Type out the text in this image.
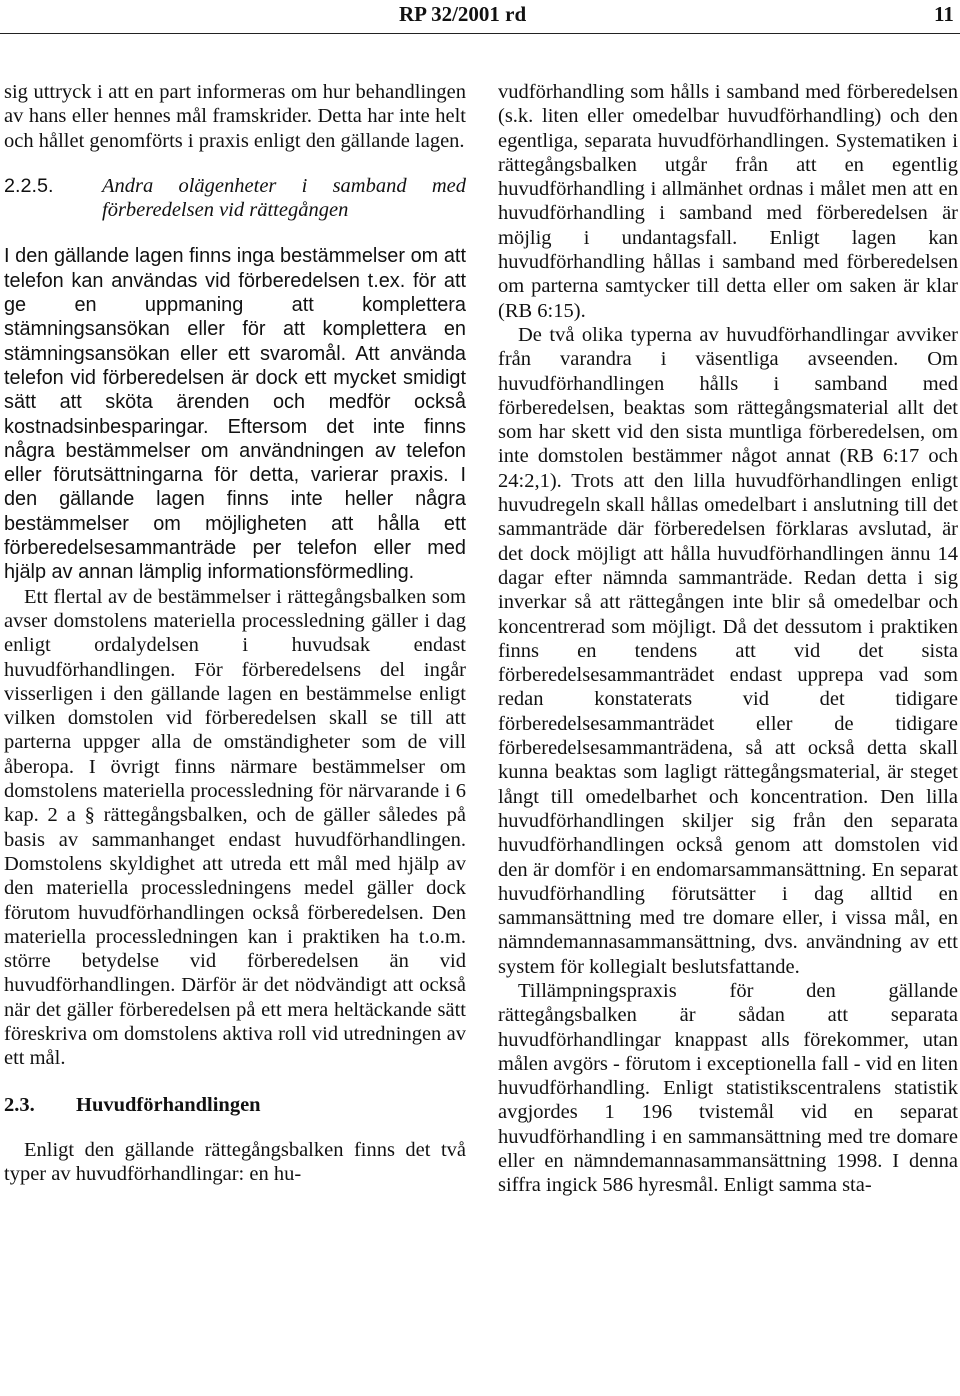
RP 32/2001 rd	11

sig uttryck i att en part informeras om hur behandlingen av hans eller hennes mål framskrider. Detta har inte helt och hållet genomförts i praxis enligt den gällande lagen.

2.2.5.	Andra olägenheter i samband med förberedelsen vid rättegången

I den gällande lagen finns inga bestämmelser om att telefon kan användas vid förberedelsen t.ex. för att ge en uppmaning att komplettera stämningsansökan eller för att komplettera en stämningsansökan eller ett svaromål. Att använda telefon vid förberedelsen är dock ett mycket smidigt sätt att sköta ärenden och medför också kostnadsinbesparingar. Eftersom det inte finns några bestämmelser om användningen av telefon eller förutsättningarna för detta, varierar praxis. I den gällande lagen finns inte heller några bestämmelser om möjligheten att hålla ett förberedelsesammanträde per telefon eller med hjälp av annan lämplig informationsförmedling.

Ett flertal av de bestämmelser i rättegångsbalken som avser domstolens materiella processledning gäller i dag enligt ordalydelsen i huvudsak endast huvudförhandlingen. För förberedelsens del ingår visserligen i den gällande lagen en bestämmelse enligt vilken domstolen vid förberedelsen skall se till att parterna uppger alla de omständigheter som de vill åberopa. I övrigt finns närmare bestämmelser om domstolens materiella processledning för närvarande i 6 kap. 2 a § rättegångsbalken, och de gäller således på basis av sammanhanget endast huvudförhandlingen. Domstolens skyldighet att utreda ett mål med hjälp av den materiella processledningens medel gäller dock förutom huvudförhandlingen också förberedelsen. Den materiella processledningen kan i praktiken ha t.o.m. större betydelse vid förberedelsen än vid huvudförhandlingen. Därför är det nödvändigt att också när det gäller förberedelsen på ett mera heltäckande sätt föreskriva om domstolens aktiva roll vid utredningen av ett mål.

2.3.	Huvudförhandlingen

Enligt den gällande rättegångsbalken finns det två typer av huvudförhandlingar: en hu-

vudförhandling som hålls i samband med förberedelsen (s.k. liten eller omedelbar huvudförhandling) och den egentliga, separata huvudförhandlingen. Systematiken i rättegångsbalken utgår från att en egentlig huvudförhandling i allmänhet ordnas i målet men att en huvudförhandling i samband med förberedelsen är möjlig i undantagsfall. Enligt lagen kan huvudförhandling hållas i samband med förberedelsen om parterna samtycker till detta eller om saken är klar (RB 6:15).

De två olika typerna av huvudförhandlingar avviker från varandra i väsentliga avseenden. Om huvudförhandlingen hålls i samband med förberedelsen, beaktas som rättegångsmaterial allt det som har skett vid den sista muntliga förberedelsen, om inte domstolen bestämmer något annat (RB 6:17 och 24:2,1). Trots att den lilla huvudförhandlingen enligt huvudregeln skall hållas omedelbart i anslutning till det sammanträde där förberedelsen förklaras avslutad, är det dock möjligt att hålla huvudförhandlingen ännu 14 dagar efter nämnda sammanträde. Redan detta i sig inverkar så att rättegången inte blir så omedelbar och koncentrerad som möjligt. Då det dessutom i praktiken finns en tendens att vid det sista förberedelsesammanträdet endast upprepa vad som redan konstaterats vid det tidigare förberedelsesammanträdet eller de tidigare förberedelsesammanträdena, så att också detta skall kunna beaktas som lagligt rättegångsmaterial, är steget långt till omedelbarhet och koncentration. Den lilla huvudförhandlingen skiljer sig från den separata huvudförhandlingen också genom att domstolen vid den är domför i en endomarsammansättning. En separat huvudförhandling förutsätter i dag alltid en sammansättning med tre domare eller, i vissa mål, en nämndemannasammansättning, dvs. användning av ett system för kollegialt beslutsfattande.

Tillämpningspraxis för den gällande rättegångsbalken är sådan att separata huvudförhandlingar knappast alls förekommer, utan målen avgörs - förutom i exceptionella fall - vid en liten huvudförhandling. Enligt statistikscentralens statistik avgjordes 1 196 tvistemål vid en separat huvudförhandling i en sammansättning med tre domare eller en nämndemannasammansättning 1998. I denna siffra ingick 586 hyresmål. Enligt samma sta-
